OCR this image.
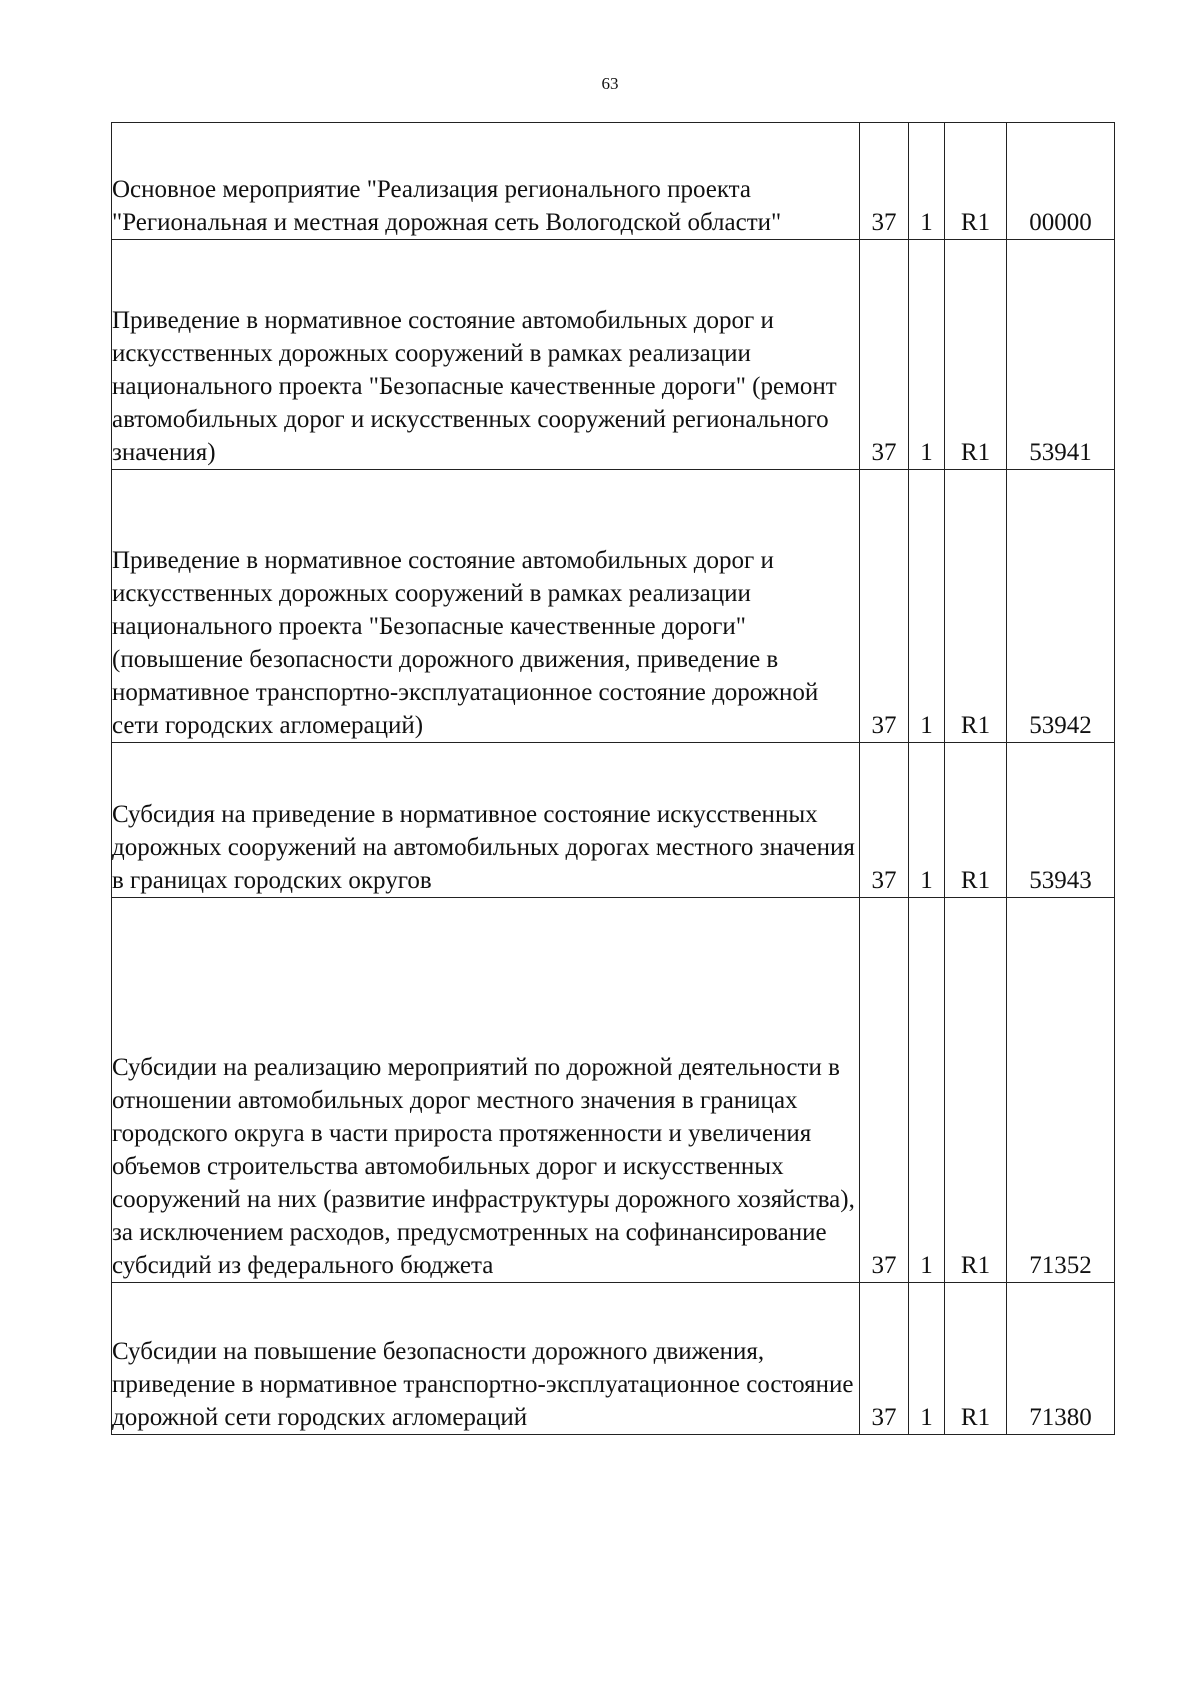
63
Основное мероприятие "Реализация регионального проекта "Региональная и местная дорожная сеть Вологодской области"	37	1	R1	00000
Приведение в нормативное состояние автомобильных дорог и искусственных дорожных сооружений в рамках реализации национального проекта "Безопасные качественные дороги" (ремонт автомобильных дорог и искусственных сооружений регионального значения)	37	1	R1	53941
Приведение в нормативное состояние автомобильных дорог и искусственных дорожных сооружений в рамках реализации национального проекта "Безопасные качественные дороги" (повышение безопасности дорожного движения, приведение в нормативное транспортно-эксплуатационное состояние дорожной сети городских агломераций)	37	1	R1	53942
Субсидия на приведение в нормативное состояние искусственных дорожных сооружений на автомобильных дорогах местного значения в границах городских округов	37	1	R1	53943
Субсидии на реализацию мероприятий по дорожной деятельности в отношении автомобильных дорог местного значения в границах городского округа в части прироста протяженности и увеличения объемов строительства автомобильных дорог и искусственных сооружений на них (развитие инфраструктуры дорожного хозяйства), за исключением расходов, предусмотренных на софинансирование субсидий из федерального бюджета	37	1	R1	71352
Субсидии на повышение безопасности дорожного движения, приведение в нормативное транспортно-эксплуатационное состояние дорожной сети городских агломераций	37	1	R1	71380
